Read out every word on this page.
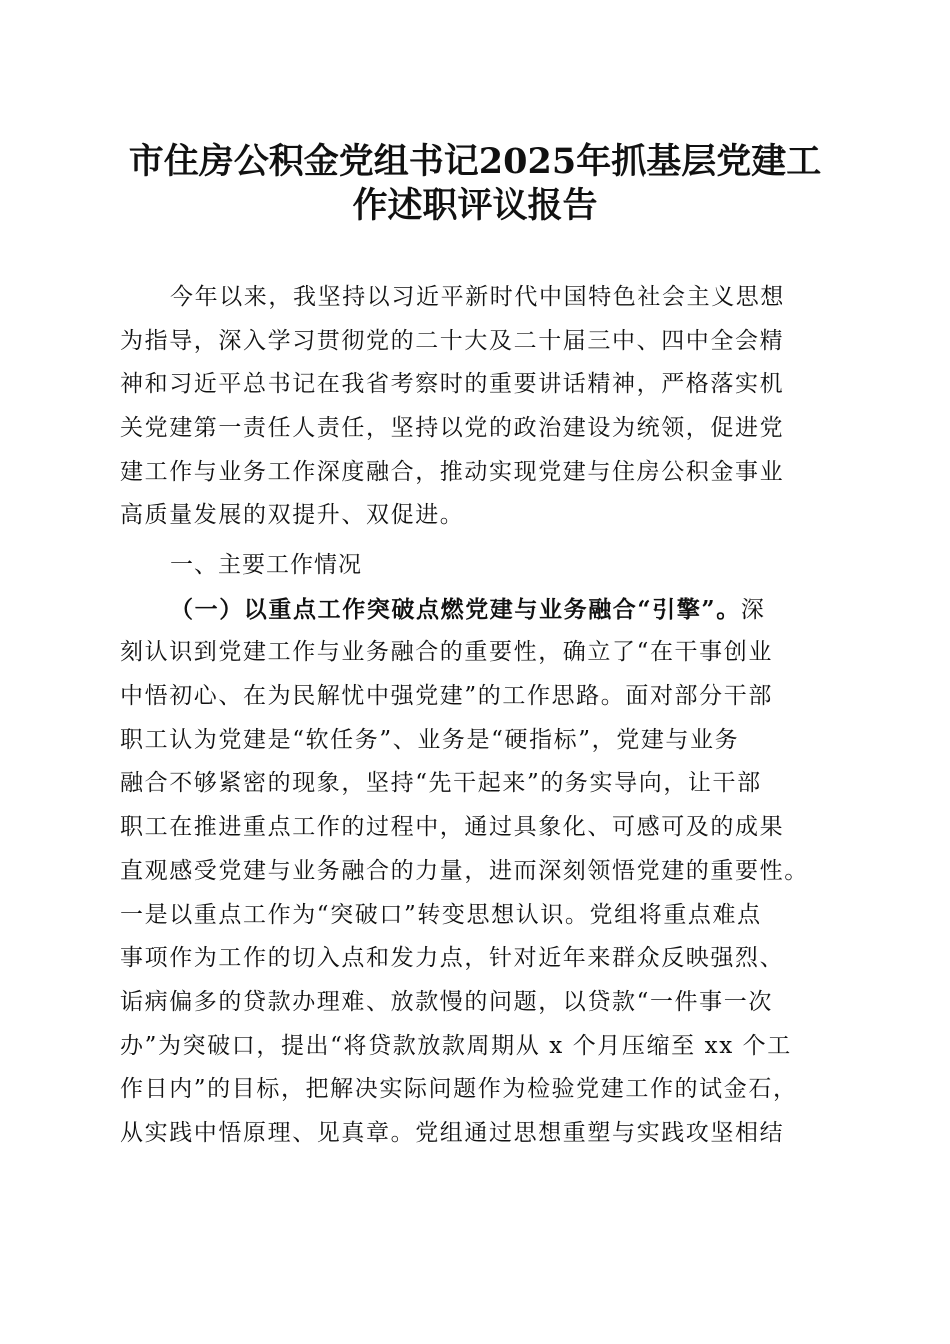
市住房公积金党组书记2025年抓基层党建工
作述职评议报告
今年以来，我坚持以习近平新时代中国特色社会主义思想
为指导，深入学习贯彻党的二十大及二十届三中、四中全会精
神和习近平总书记在我省考察时的重要讲话精神，严格落实机
关党建第一责任人责任，坚持以党的政治建设为统领，促进党
建工作与业务工作深度融合，推动实现党建与住房公积金事业
高质量发展的双提升、双促进。
一、主要工作情况
（一）以重点工作突破点燃党建与业务融合“引擎”。深
刻认识到党建工作与业务融合的重要性，确立了“在干事创业
中悟初心、在为民解忧中强党建”的工作思路。面对部分干部
职工认为党建是“软任务”、业务是“硬指标”，党建与业务
融合不够紧密的现象，坚持“先干起来”的务实导向，让干部
职工在推进重点工作的过程中，通过具象化、可感可及的成果
直观感受党建与业务融合的力量，进而深刻领悟党建的重要性。
一是以重点工作为“突破口”转变思想认识。党组将重点难点
事项作为工作的切入点和发力点，针对近年来群众反映强烈、
诟病偏多的贷款办理难、放款慢的问题，以贷款“一件事一次
办”为突破口，提出“将贷款放款周期从 x 个月压缩至 xx 个工
作日内”的目标，把解决实际问题作为检验党建工作的试金石，
从实践中悟原理、见真章。党组通过思想重塑与实践攻坚相结
